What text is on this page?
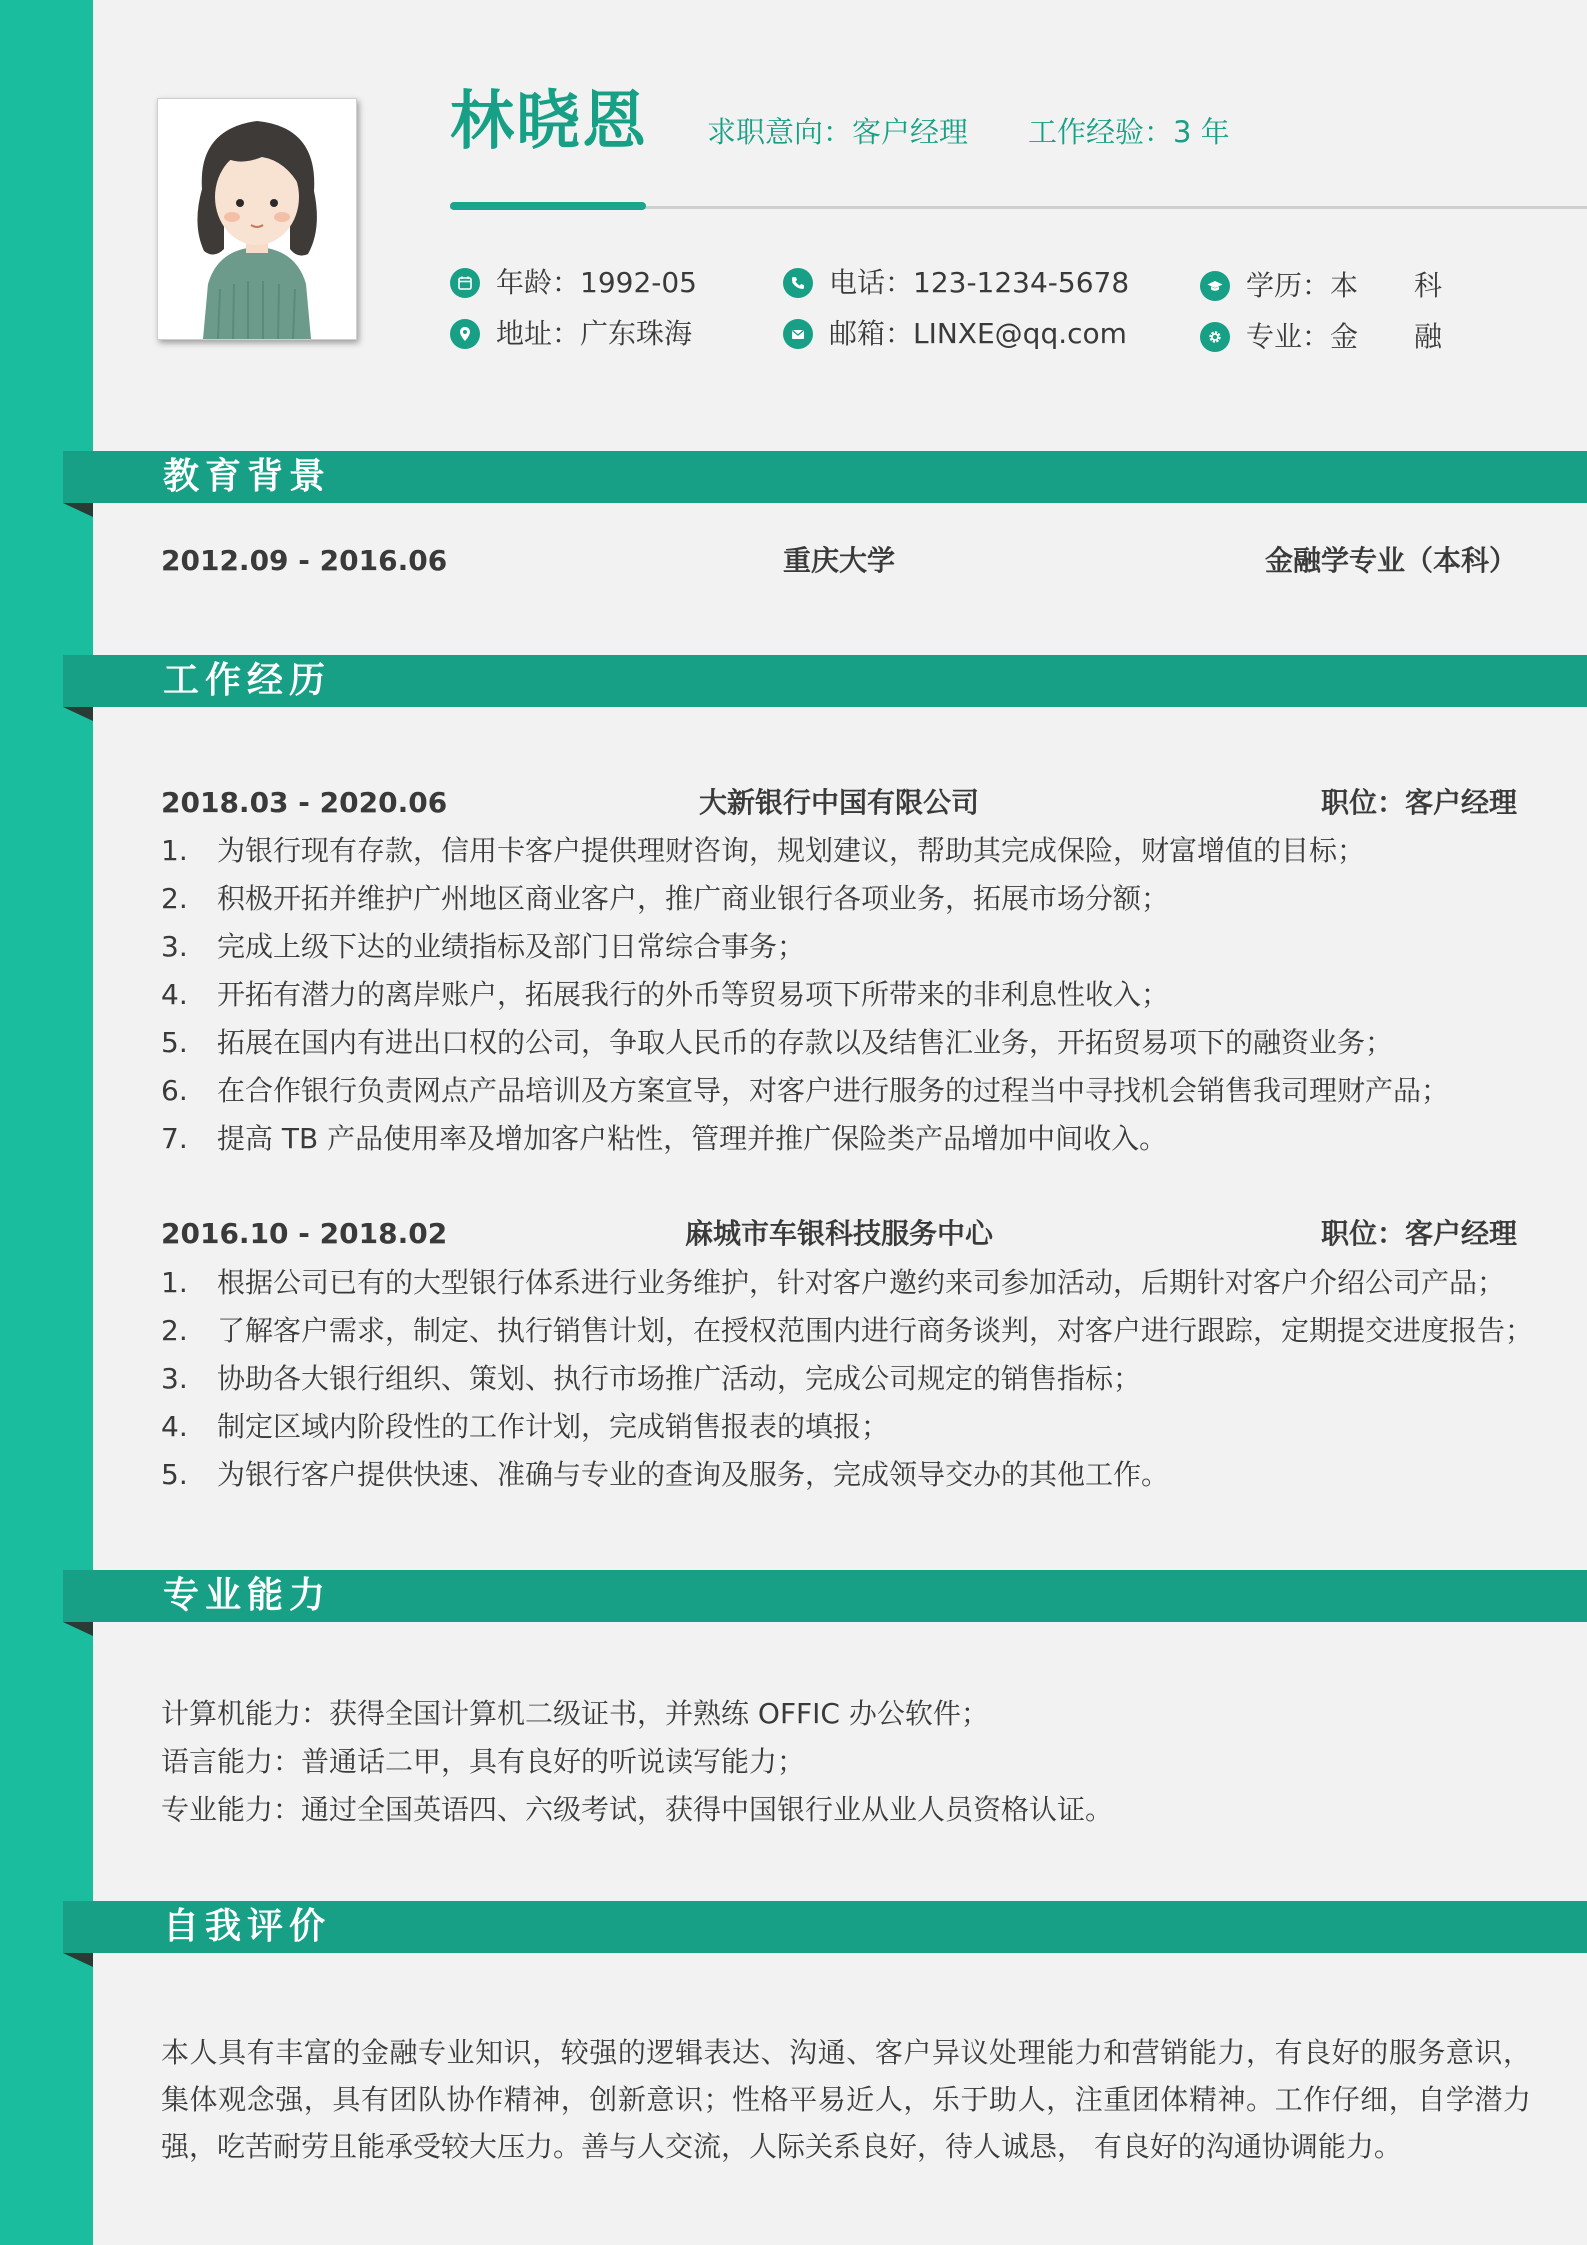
林晓恩 求职意向：客户经理 工作经验：3 年
年龄：1992-05
地址：广东珠海
电话：123-1234-5678
邮箱：LINXE@qq.com
学历： 本　　科
专业： 金　　融
教育背景
2012.09 - 2016.06	重庆大学	金融学专业（本科）
工作经历
2018.03 - 2020.06	大新银行中国有限公司	职位：客户经理
1. 为银行现有存款，信用卡客户提供理财咨询，规划建议，帮助其完成保险，财富增值的目标；
2. 积极开拓并维护广州地区商业客户，推广商业银行各项业务，拓展市场分额；
3. 完成上级下达的业绩指标及部门日常综合事务；
4. 开拓有潜力的离岸账户，拓展我行的外币等贸易项下所带来的非利息性收入；
5. 拓展在国内有进出口权的公司，争取人民币的存款以及结售汇业务，开拓贸易项下的融资业务；
6. 在合作银行负责网点产品培训及方案宣导，对客户进行服务的过程当中寻找机会销售我司理财产品；
7. 提高 TB 产品使用率及增加客户粘性，管理并推广保险类产品增加中间收入。
2016.10 - 2018.02	麻城市车银科技服务中心	职位：客户经理
1. 根据公司已有的大型银行体系进行业务维护，针对客户邀约来司参加活动，后期针对客户介绍公司产品；
2. 了解客户需求，制定、执行销售计划，在授权范围内进行商务谈判，对客户进行跟踪，定期提交进度报告；
3. 协助各大银行组织、策划、执行市场推广活动，完成公司规定的销售指标；
4. 制定区域内阶段性的工作计划，完成销售报表的填报；
5. 为银行客户提供快速、准确与专业的查询及服务，完成领导交办的其他工作。
专业能力
计算机能力：获得全国计算机二级证书，并熟练 OFFIC 办公软件；
语言能力：普通话二甲，具有良好的听说读写能力；
专业能力：通过全国英语四、六级考试，获得中国银行业从业人员资格认证。
自我评价
本人具有丰富的金融专业知识，较强的逻辑表达、沟通、客户异议处理能力和营销能力，有良好的服务意识，集体观念强，具有团队协作精神，创新意识；性格平易近人，乐于助人，注重团体精神。工作仔细，自学潜力强，吃苦耐劳且能承受较大压力。善与人交流，人际关系良好，待人诚恳， 有良好的沟通协调能力。
